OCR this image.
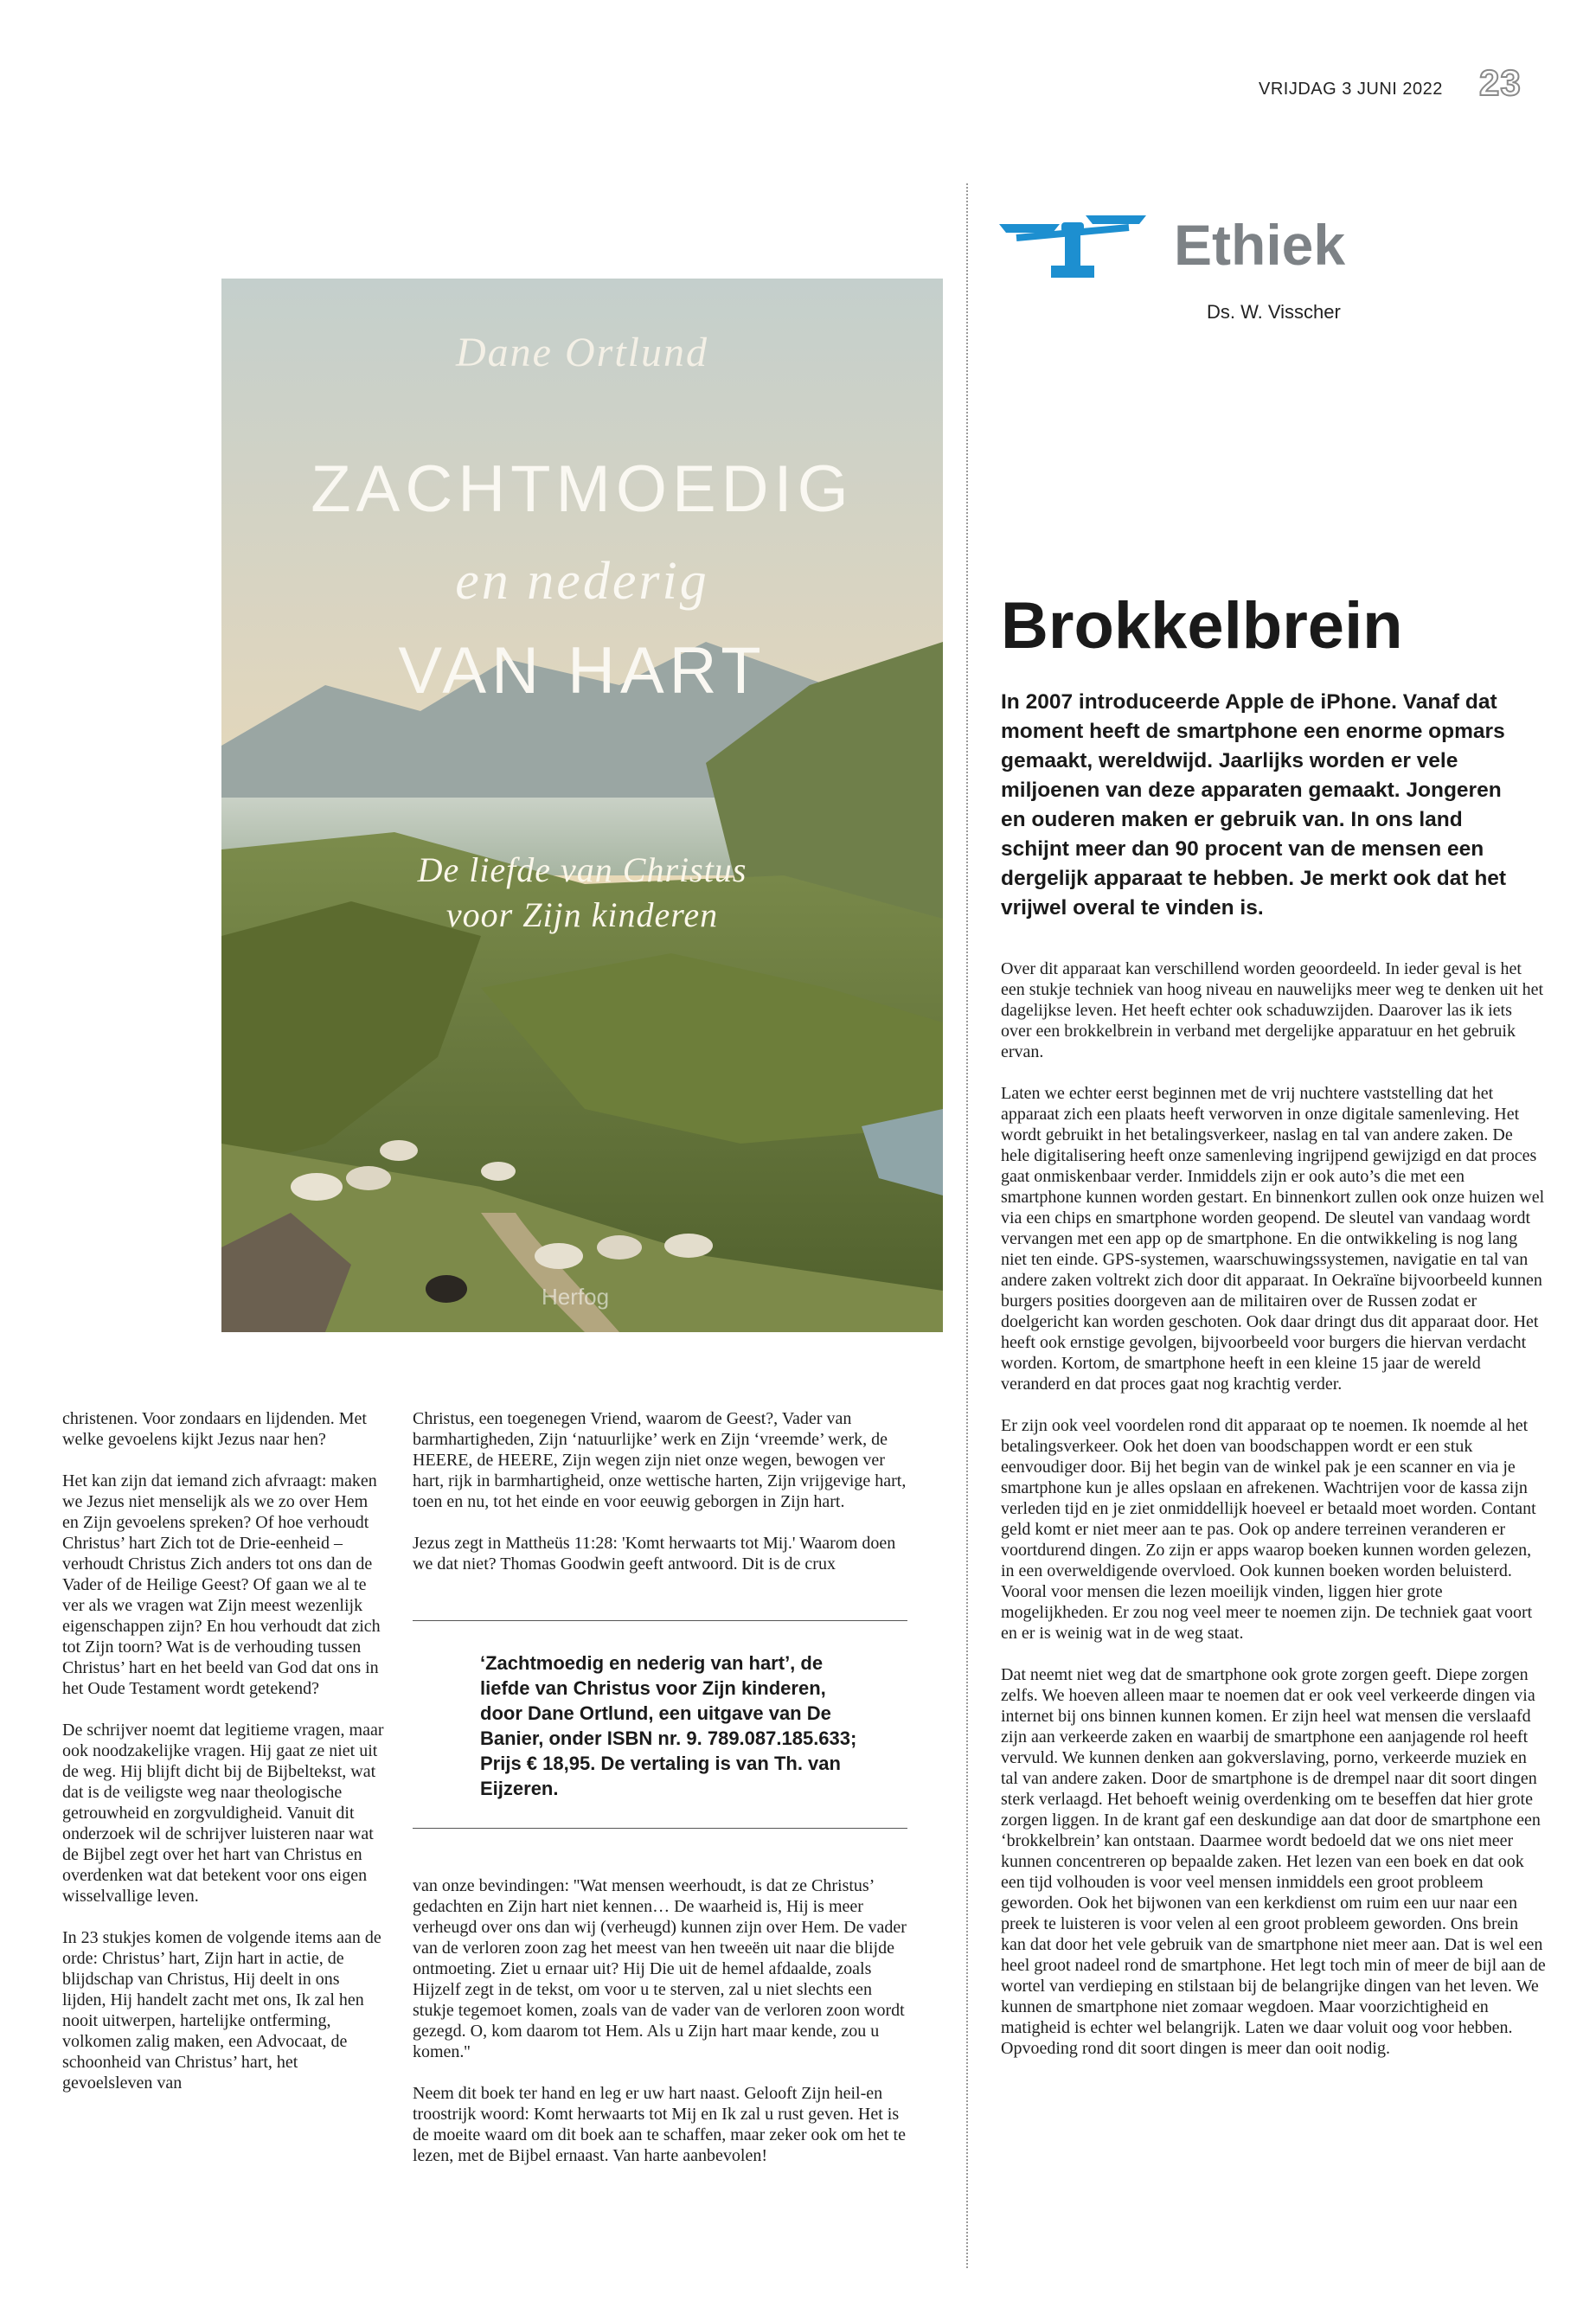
VRIJDAG 3 JUNI 2022 23
Ethiek
Ds. W. Visscher
Dane Ortlund
ZACHTMOEDIG
en nederig
VAN HART
De liefde van Christus
voor Zijn kinderen
Herfog
Brokkelbrein
In 2007 introduceerde Apple de iPhone. Vanaf dat moment heeft de smartphone een enorme opmars gemaakt, wereldwijd. Jaarlijks worden er vele miljoenen van deze apparaten gemaakt. Jongeren en ouderen maken er gebruik van. In ons land schijnt meer dan 90 procent van de mensen een dergelijk apparaat te hebben. Je merkt ook dat het vrijwel overal te vinden is.

Over dit apparaat kan verschillend worden geoordeeld. In ieder geval is het een stukje techniek van hoog niveau en nauwelijks meer weg te denken uit het dagelijkse leven. Het heeft echter ook schaduwzijden. Daarover las ik iets over een brokkelbrein in verband met dergelijke apparatuur en het gebruik ervan.

Laten we echter eerst beginnen met de vrij nuchtere vaststelling dat het apparaat zich een plaats heeft verworven in onze digitale samenleving. Het wordt gebruikt in het betalingsverkeer, naslag en tal van andere zaken. De hele digitalisering heeft onze samenleving ingrijpend gewijzigd en dat proces gaat onmiskenbaar verder. Inmiddels zijn er ook auto’s die met een smartphone kunnen worden gestart. En binnenkort zullen ook onze huizen wel via een chips en smartphone worden geopend. De sleutel van vandaag wordt vervangen met een app op de smartphone. En die ontwikkeling is nog lang niet ten einde. GPS-systemen, waarschuwingssystemen, navigatie en tal van andere zaken voltrekt zich door dit apparaat. In Oekraïne bijvoorbeeld kunnen burgers posities doorgeven aan de militairen over de Russen zodat er doelgericht kan worden geschoten. Ook daar dringt dus dit apparaat door. Het heeft ook ernstige gevolgen, bijvoorbeeld voor burgers die hiervan verdacht worden. Kortom, de smartphone heeft in een kleine 15 jaar de wereld veranderd en dat proces gaat nog krachtig verder.

Er zijn ook veel voordelen rond dit apparaat op te noemen. Ik noemde al het betalingsverkeer. Ook het doen van boodschappen wordt er een stuk eenvoudiger door. Bij het begin van de winkel pak je een scanner en via je smartphone kun je alles opslaan en afrekenen. Wachtrijen voor de kassa zijn verleden tijd en je ziet onmiddellijk hoeveel er betaald moet worden. Contant geld komt er niet meer aan te pas. Ook op andere terreinen veranderen er voortdurend dingen. Zo zijn er apps waarop boeken kunnen worden gelezen, in een overweldigende overvloed. Ook kunnen boeken worden beluisterd. Vooral voor mensen die lezen moeilijk vinden, liggen hier grote mogelijkheden. Er zou nog veel meer te noemen zijn. De techniek gaat voort en er is weinig wat in de weg staat.

Dat neemt niet weg dat de smartphone ook grote zorgen geeft. Diepe zorgen zelfs. We hoeven alleen maar te noemen dat er ook veel verkeerde dingen via internet bij ons binnen kunnen komen. Er zijn heel wat mensen die verslaafd zijn aan verkeerde zaken en waarbij de smartphone een aanjagende rol heeft vervuld. We kunnen denken aan gokverslaving, porno, verkeerde muziek en tal van andere zaken. Door de smartphone is de drempel naar dit soort dingen sterk verlaagd. Het behoeft weinig overdenking om te beseffen dat hier grote zorgen liggen. In de krant gaf een deskundige aan dat door de smartphone een ‘brokkelbrein’ kan ontstaan. Daarmee wordt bedoeld dat we ons niet meer kunnen concentreren op bepaalde zaken. Het lezen van een boek en dat ook een tijd volhouden is voor veel mensen inmiddels een groot probleem geworden. Ook het bijwonen van een kerkdienst om ruim een uur naar een preek te luisteren is voor velen al een groot probleem geworden. Ons brein kan dat door het vele gebruik van de smartphone niet meer aan. Dat is wel een heel groot nadeel rond de smartphone. Het legt toch min of meer de bijl aan de wortel van verdieping en stilstaan bij de belangrijke dingen van het leven. We kunnen de smartphone niet zomaar wegdoen. Maar voorzichtigheid en matigheid is echter wel belangrijk. Laten we daar voluit oog voor hebben. Opvoeding rond dit soort dingen is meer dan ooit nodig.

christenen. Voor zondaars en lijdenden. Met welke gevoelens kijkt Jezus naar hen?

Het kan zijn dat iemand zich afvraagt: maken we Jezus niet menselijk als we zo over Hem en Zijn gevoelens spreken? Of hoe verhoudt Christus’ hart Zich tot de Drie-eenheid – verhoudt Christus Zich anders tot ons dan de Vader of de Heilige Geest? Of gaan we al te ver als we vragen wat Zijn meest wezenlijk eigenschappen zijn? En hou verhoudt dat zich tot Zijn toorn? Wat is de verhouding tussen Christus’ hart en het beeld van God dat ons in het Oude Testament wordt getekend?

De schrijver noemt dat legitieme vragen, maar ook noodzakelijke vragen. Hij gaat ze niet uit de weg. Hij blijft dicht bij de Bijbeltekst, wat dat is de veiligste weg naar theologische getrouwheid en zorgvuldigheid. Vanuit dit onderzoek wil de schrijver luisteren naar wat de Bijbel zegt over het hart van Christus en overdenken wat dat betekent voor ons eigen wisselvallige leven.

In 23 stukjes komen de volgende items aan de orde: Christus’ hart, Zijn hart in actie, de blijdschap van Christus, Hij deelt in ons lijden, Hij handelt zacht met ons, Ik zal hen nooit uitwerpen, hartelijke ontferming, volkomen zalig maken, een Advocaat, de schoonheid van Christus’ hart, het gevoelsleven van

Christus, een toegenegen Vriend, waarom de Geest?, Vader van barmhartigheden, Zijn ‘natuurlijke’ werk en Zijn ‘vreemde’ werk, de HEERE, de HEERE, Zijn wegen zijn niet onze wegen, bewogen ver hart, rijk in barmhartigheid, onze wettische harten, Zijn vrijgevige hart, toen en nu, tot het einde en voor eeuwig geborgen in Zijn hart.

Jezus zegt in Mattheüs 11:28: 'Komt herwaarts tot Mij.' Waarom doen we dat niet? Thomas Goodwin geeft antwoord. Dit is de crux

‘Zachtmoedig en nederig van hart’, de liefde van Christus voor Zijn kinderen, door Dane Ortlund, een uitgave van De Banier, onder ISBN nr. 9. 789.087.185.633; Prijs € 18,95. De vertaling is van Th. van Eijzeren.

van onze bevindingen: ''Wat mensen weerhoudt, is dat ze Christus’ gedachten en Zijn hart niet kennen… De waarheid is, Hij is meer verheugd over ons dan wij (verheugd) kunnen zijn over Hem. De vader van de verloren zoon zag het meest van hen tweeën uit naar die blijde ontmoeting. Ziet u ernaar uit? Hij Die uit de hemel afdaalde, zoals Hijzelf zegt in de tekst, om voor u te sterven, zal u niet slechts een stukje tegemoet komen, zoals van de vader van de verloren zoon wordt gezegd. O, kom daarom tot Hem. Als u Zijn hart maar kende, zou u komen.''

Neem dit boek ter hand en leg er uw hart naast. Gelooft Zijn heil-en troostrijk woord: Komt herwaarts tot Mij en Ik zal u rust geven. Het is de moeite waard om dit boek aan te schaffen, maar zeker ook om het te lezen, met de Bijbel ernaast. Van harte aanbevolen!
